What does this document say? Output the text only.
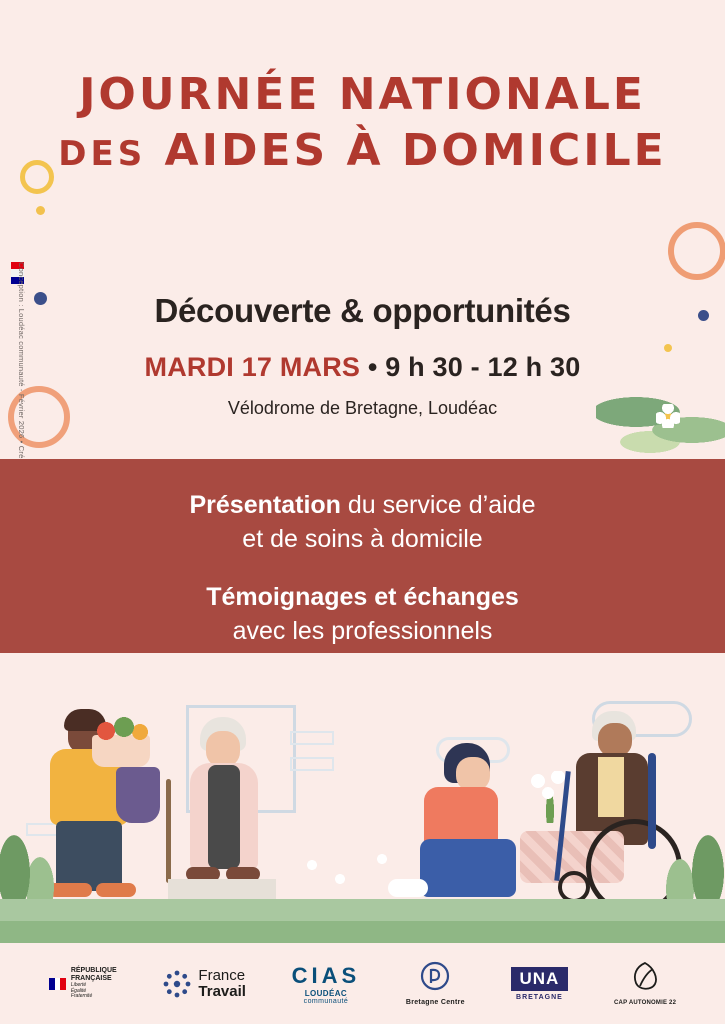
JOURNÉE NATIONALE
DES AIDES À DOMICILE
Découverte & opportunités
MARDI 17 MARS • 9 h 30 - 12 h 30
Vélodrome de Bretagne, Loudéac

Présentation du service d’aide

et de soins à domicile

Témoignages et échanges

avec les professionnels

RÉPUBLIQUE
FRANÇAISE
Liberté
Égalité
Fraternité
France
Travail
CIAS
LOUDÉAC
communauté	Bretagne Centre
UNA
BRETAGNE
CAP AUTONOMIE 22
